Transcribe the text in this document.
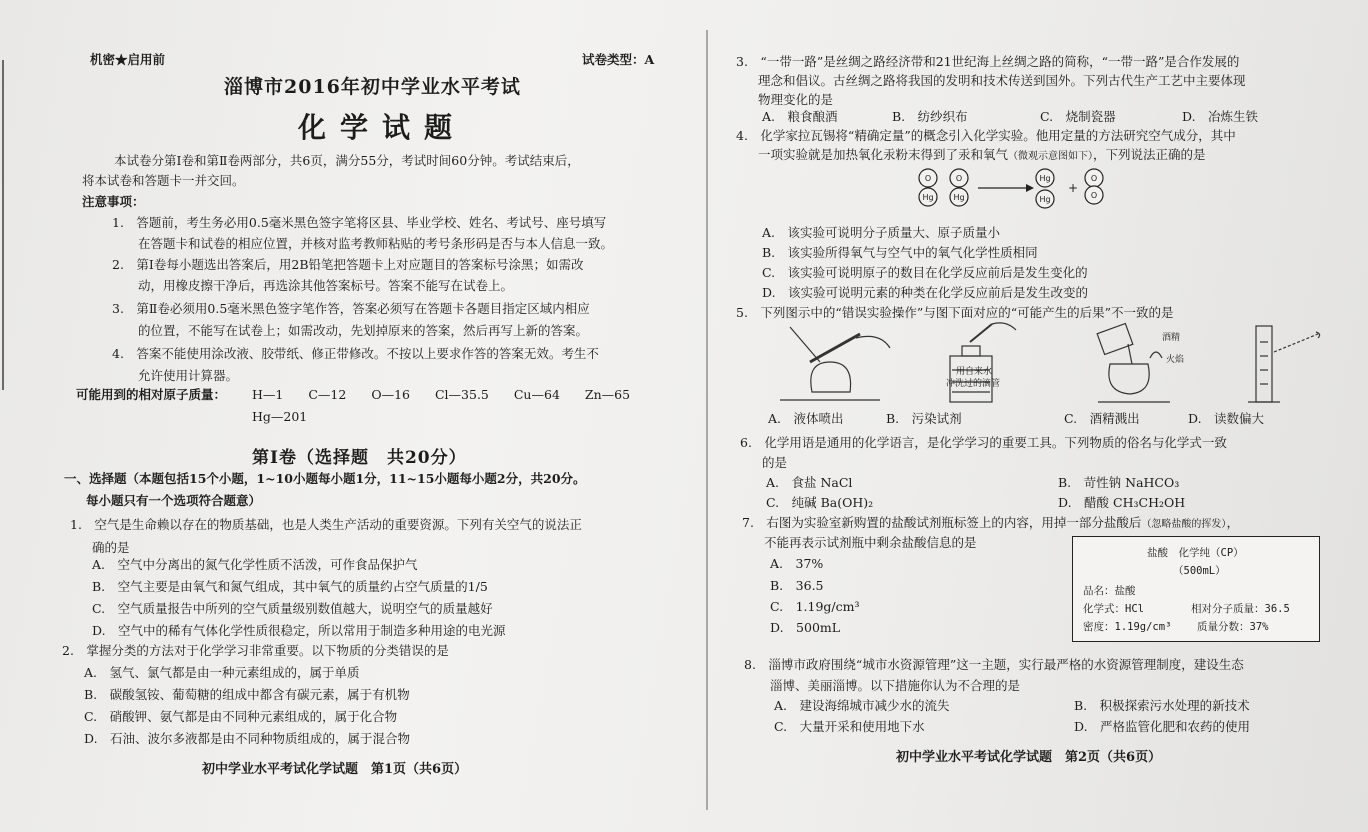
机密★启用前	试卷类型：A
淄博市2016年初中学业水平考试
化学试题
本试卷分第Ⅰ卷和第Ⅱ卷两部分，共6页，满分55分，考试时间60分钟。考试结束后，
将本试卷和答题卡一并交回。
注意事项：
1.　答题前，考生务必用0.5毫米黑色签字笔将区县、毕业学校、姓名、考试号、座号填写
在答题卡和试卷的相应位置，并核对监考教师粘贴的考号条形码是否与本人信息一致。
2.　第Ⅰ卷每小题选出答案后，用2B铅笔把答题卡上对应题目的答案标号涂黑；如需改
动，用橡皮擦干净后，再选涂其他答案标号。答案不能写在试卷上。
3.　第Ⅱ卷必须用0.5毫米黑色签字笔作答，答案必须写在答题卡各题目指定区域内相应
的位置，不能写在试卷上；如需改动，先划掉原来的答案，然后再写上新的答案。
4.　答案不能使用涂改液、胶带纸、修正带修改。不按以上要求作答的答案无效。考生不
允许使用计算器。
可能用到的相对原子质量： H—1　　C—12　　O—16　　Cl—35.5　　Cu—64　　Zn—65
Hg—201
第Ⅰ卷（选择题　共20分）
一、选择题（本题包括15个小题，1~10小题每小题1分，11~15小题每小题2分，共20分。
每小题只有一个选项符合题意）
1.　空气是生命赖以存在的物质基础，也是人类生产活动的重要资源。下列有关空气的说法正
确的是
A.　空气中分离出的氮气化学性质不活泼，可作食品保护气
B.　空气主要是由氧气和氮气组成，其中氧气的质量约占空气质量的1/5
C.　空气质量报告中所列的空气质量级别数值越大，说明空气的质量越好
D.　空气中的稀有气体化学性质很稳定，所以常用于制造多种用途的电光源
2.　掌握分类的方法对于化学学习非常重要。以下物质的分类错误的是
A.　氢气、氯气都是由一种元素组成的，属于单质
B.　碳酸氢铵、葡萄糖的组成中都含有碳元素，属于有机物
C.　硝酸钾、氨气都是由不同种元素组成的，属于化合物
D.　石油、波尔多液都是由不同种物质组成的，属于混合物
初中学业水平考试化学试题　第1页（共6页）
3.　“一带一路”是丝绸之路经济带和21世纪海上丝绸之路的简称，“一带一路”是合作发展的
理念和倡议。古丝绸之路将我国的发明和技术传送到国外。下列古代生产工艺中主要体现
物理变化的是
A.　粮食酿酒	B.　纺纱织布	C.　烧制瓷器	D.　冶炼生铁
4.　化学家拉瓦锡将“精确定量”的概念引入化学实验。他用定量的方法研究空气成分，其中
一项实验就是加热氧化汞粉末得到了汞和氧气（微观示意图如下），下列说法正确的是
O
Hg
O
Hg
Hg
Hg
O
O
+
A.　该实验可说明分子质量大、原子质量小
B.　该实验所得氧气与空气中的氧气化学性质相同
C.　该实验可说明原子的数目在化学反应前后是发生变化的
D.　该实验可说明元素的种类在化学反应前后是发生改变的
5.　下列图示中的“错误实验操作”与图下面对应的“可能产生的后果”不一致的是
用自来水
冲洗过的滴管
酒精
火焰
A.　液体喷出	B.　污染试剂	C.　酒精溅出	D.　读数偏大
6.　化学用语是通用的化学语言，是化学学习的重要工具。下列物质的俗名与化学式一致
的是
A.　食盐 NaCl	B.　苛性钠 NaHCO₃
C.　纯碱 Ba(OH)₂	D.　醋酸 CH₃CH₂OH
7.　右图为实验室新购置的盐酸试剂瓶标签上的内容，用掉一部分盐酸后（忽略盐酸的挥发），
不能再表示试剂瓶中剩余盐酸信息的是
A.　37%
B.　36.5
C.　1.19g/cm³
D.　500mL
盐酸　化学纯（CP）
（500mL）
品名：盐酸
化学式：HCl	相对分子质量：36.5
密度：1.19g/cm³ 质量分数：37%
8.　淄博市政府围绕“城市水资源管理”这一主题，实行最严格的水资源管理制度，建设生态
淄博、美丽淄博。以下措施你认为不合理的是
A.　建设海绵城市减少水的流失	B.　积极探索污水处理的新技术
C.　大量开采和使用地下水	D.　严格监管化肥和农药的使用
初中学业水平考试化学试题　第2页（共6页）
